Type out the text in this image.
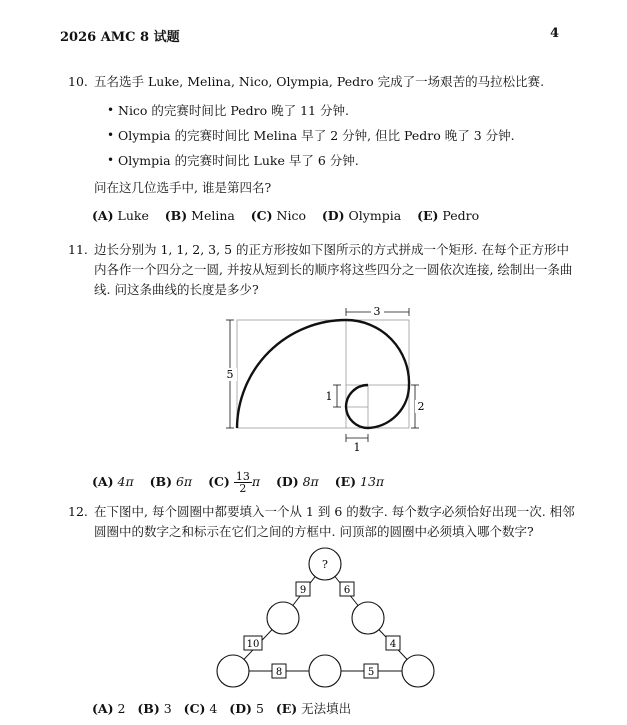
2026 AMC 8 试题	4
10. 五名选手 Luke, Melina, Nico, Olympia, Pedro 完成了一场艰苦的马拉松比赛.
• Nico 的完赛时间比 Pedro 晚了 11 分钟.
• Olympia 的完赛时间比 Melina 早了 2 分钟, 但比 Pedro 晚了 3 分钟.
• Olympia 的完赛时间比 Luke 早了 6 分钟.
问在这几位选手中, 谁是第四名?
(A) Luke (B) Melina (C) Nico (D) Olympia (E) Pedro
11. 边长分别为 1, 1, 2, 3, 5 的正方形按如下图所示的方式拼成一个矩形. 在每个正方形中
内各作一个四分之一圆, 并按从短到长的顺序将这些四分之一圆依次连接, 绘制出一条曲
线. 问这条曲线的长度是多少?
3
5
1
2
1
(A) 4π (B) 6π $(C) \frac{13}{2}$ π (D) 8π (E) 13π
12. 在下图中, 每个圆圈中都要填入一个从 1 到 6 的数字. 每个数字必须恰好出现一次. 相邻
圆圈中的数字之和标示在它们之间的方框中. 问顶部的圆圈中必须填入哪个数字?
?
9	6
10	4
8	5
(A) 2 (B) 3 (C) 4 (D) 5 (E) 无法填出
